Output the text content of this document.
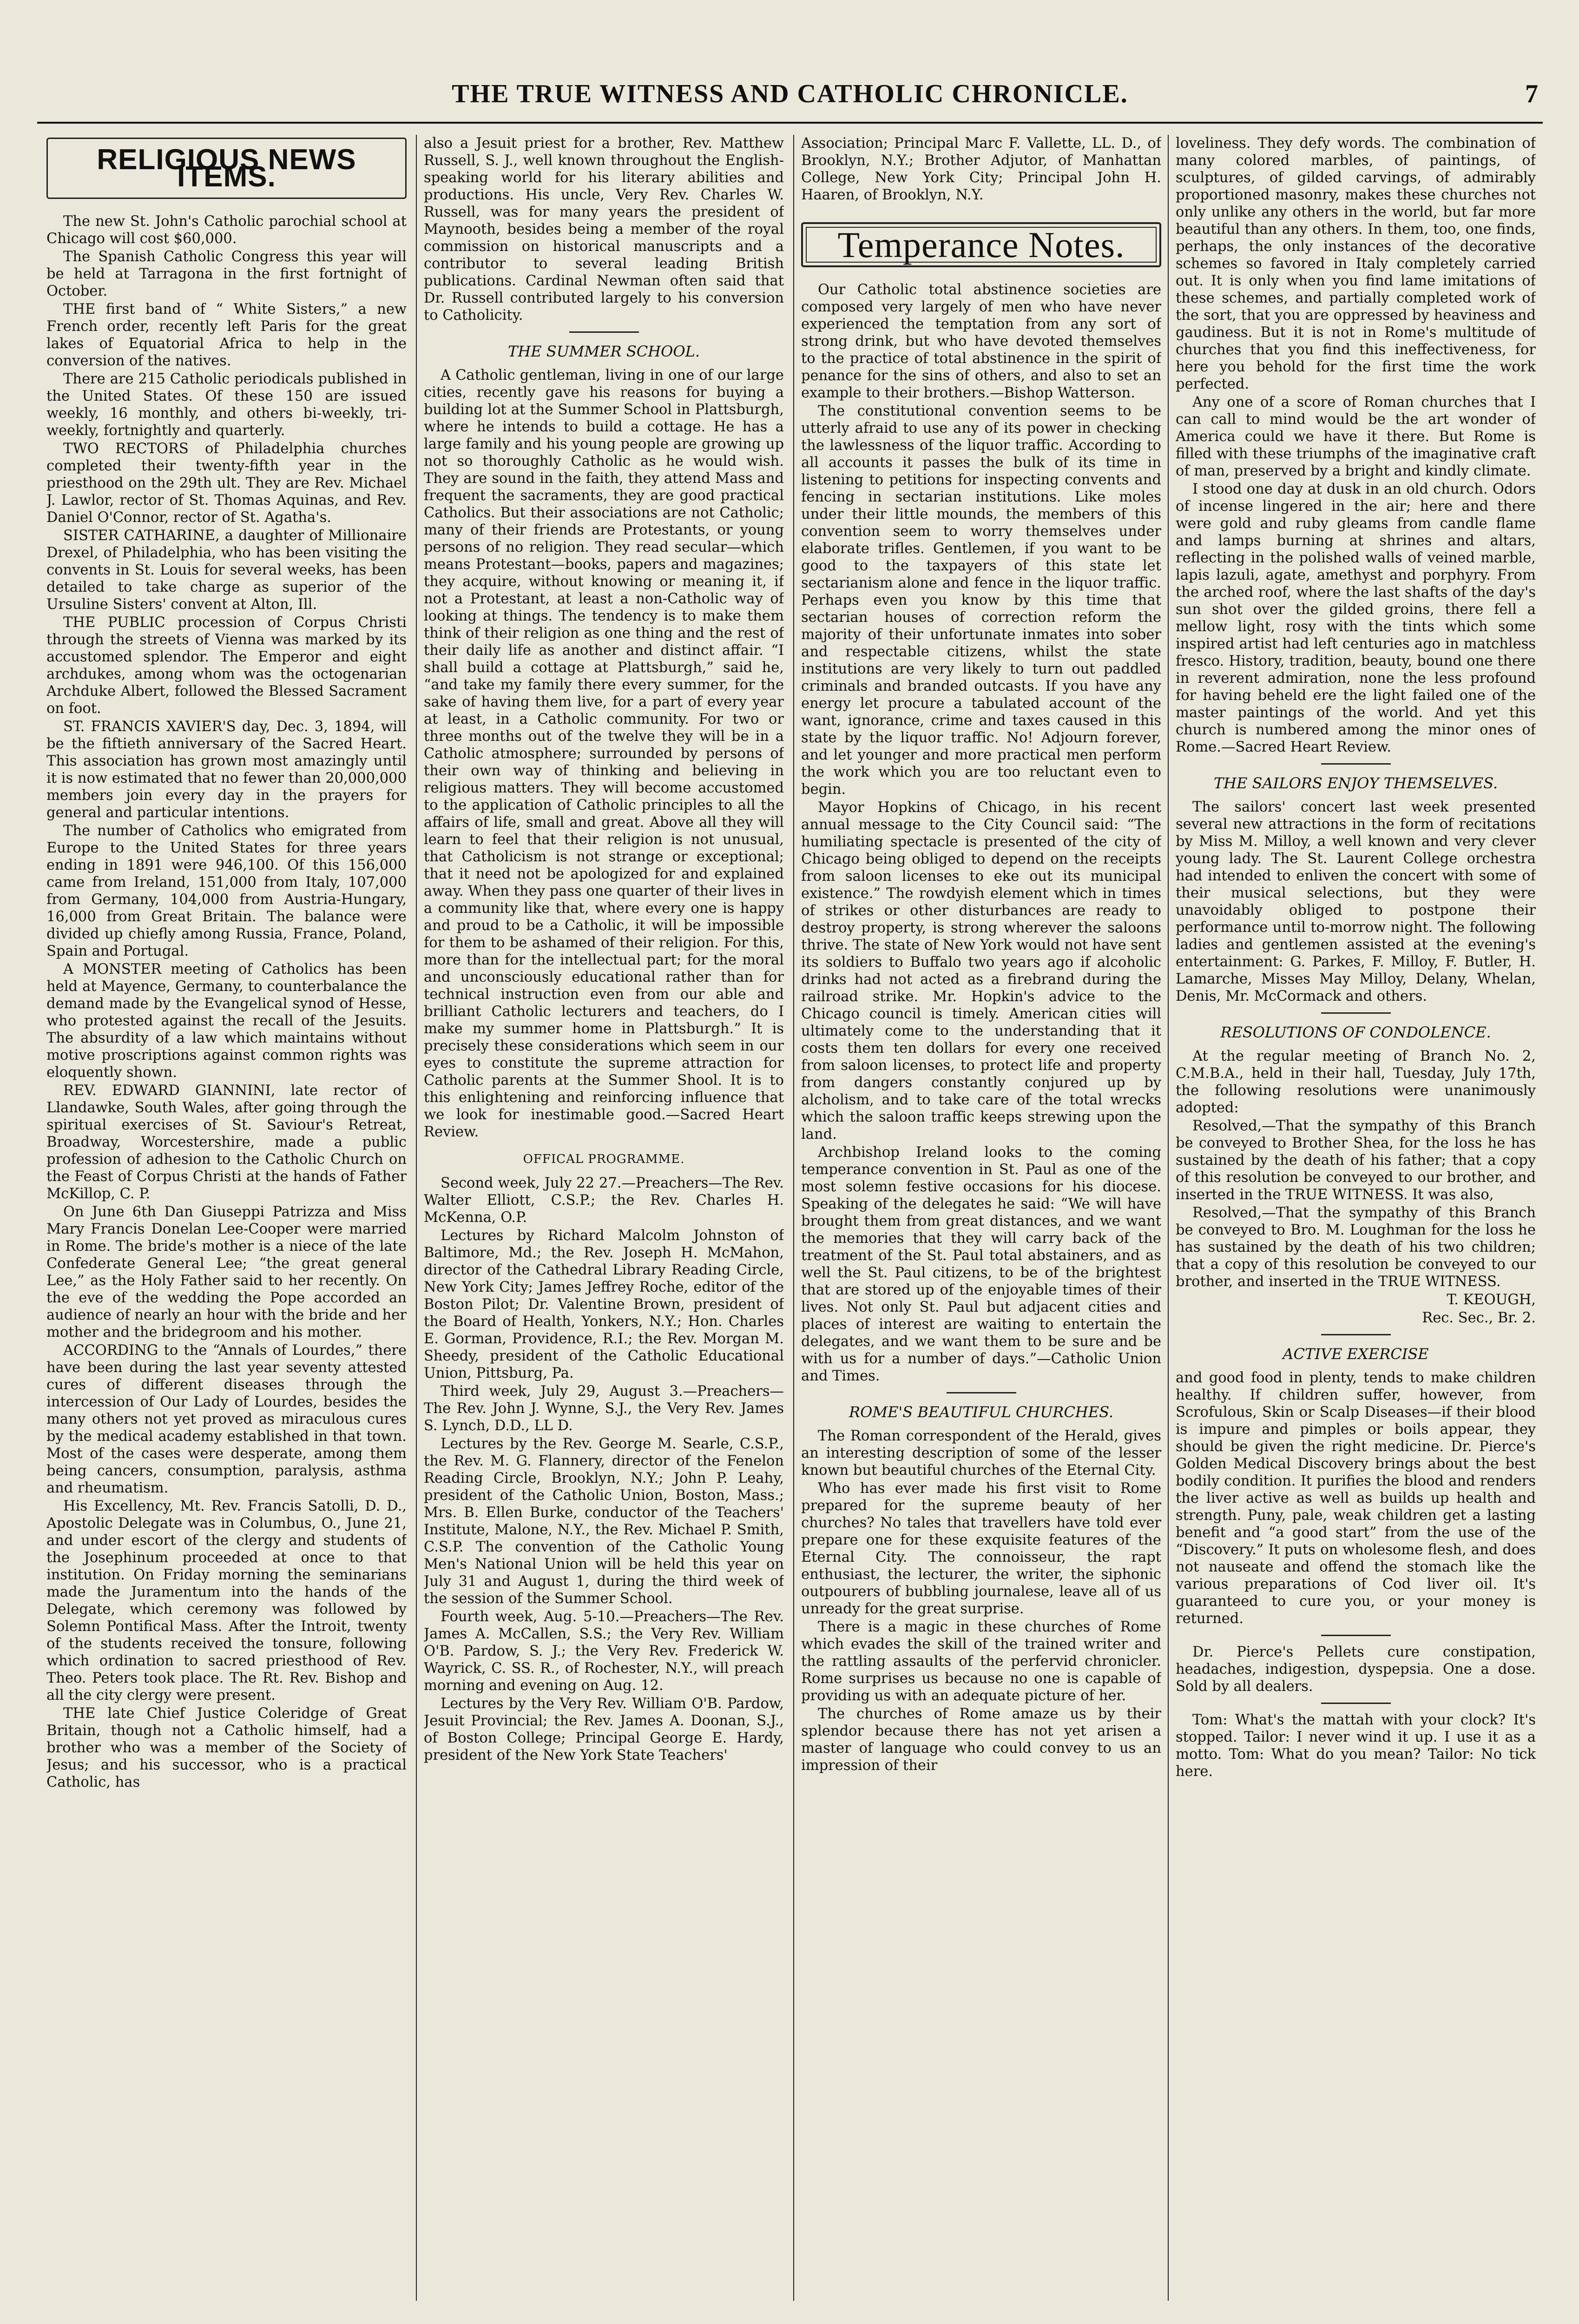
THE TRUE WITNESS AND CATHOLIC CHRONICLE.	7
RELIGIOUS NEWS ITEMS.

The new St. John's Catholic parochial school at Chicago will cost $60,000.

The Spanish Catholic Congress this year will be held at Tarragona in the first fortnight of October.

THE first band of “ White Sisters,” a new French order, recently left Paris for the great lakes of Equatorial Africa to help in the conversion of the natives.

There are 215 Catholic periodicals published in the United States. Of these 150 are issued weekly, 16 monthly, and others bi-weekly, tri-weekly, fortnightly and quarterly.

TWO RECTORS of Philadelphia churches completed their twenty-fifth year in the priesthood on the 29th ult. They are Rev. Michael J. Lawlor, rector of St. Thomas Aquinas, and Rev. Daniel O'Connor, rector of St. Agatha's.

SISTER CATHARINE, a daughter of Millionaire Drexel, of Philadelphia, who has been visiting the convents in St. Louis for several weeks, has been detailed to take charge as superior of the Ursuline Sisters' convent at Alton, Ill.

THE PUBLIC procession of Corpus Christi through the streets of Vienna was marked by its accustomed splendor. The Emperor and eight archdukes, among whom was the octogenarian Archduke Albert, followed the Blessed Sacrament on foot.

ST. FRANCIS XAVIER'S day, Dec. 3, 1894, will be the fiftieth anniversary of the Sacred Heart. This association has grown most amazingly until it is now estimated that no fewer than 20,000,000 members join every day in the prayers for general and particular intentions.

The number of Catholics who emigrated from Europe to the United States for three years ending in 1891 were 946,100. Of this 156,000 came from Ireland, 151,000 from Italy, 107,000 from Germany, 104,000 from Austria-Hungary, 16,000 from Great Britain. The balance were divided up chiefly among Russia, France, Poland, Spain and Portugal.

A MONSTER meeting of Catholics has been held at Mayence, Germany, to counterbalance the demand made by the Evangelical synod of Hesse, who protested against the recall of the Jesuits. The absurdity of a law which maintains without motive proscriptions against common rights was eloquently shown.

REV. EDWARD GIANNINI, late rector of Llandawke, South Wales, after going through the spiritual exercises of St. Saviour's Retreat, Broadway, Worcestershire, made a public profession of adhesion to the Catholic Church on the Feast of Corpus Christi at the hands of Father McKillop, C. P.

On June 6th Dan Giuseppi Patrizza and Miss Mary Francis Donelan Lee-Cooper were married in Rome. The bride's mother is a niece of the late Confederate General Lee; “the great general Lee,” as the Holy Father said to her recently. On the eve of the wedding the Pope accorded an audience of nearly an hour with the bride and her mother and the bridegroom and his mother.

ACCORDING to the “Annals of Lourdes,” there have been during the last year seventy attested cures of different diseases through the intercession of Our Lady of Lourdes, besides the many others not yet proved as miraculous cures by the medical academy established in that town. Most of the cases were desperate, among them being cancers, consumption, paralysis, asthma and rheumatism.

His Excellency, Mt. Rev. Francis Satolli, D. D., Apostolic Delegate was in Columbus, O., June 21, and under escort of the clergy and students of the Josephinum proceeded at once to that institution. On Friday morning the seminarians made the Juramentum into the hands of the Delegate, which ceremony was followed by Solemn Pontifical Mass. After the Introit, twenty of the students received the tonsure, following which ordination to sacred priesthood of Rev. Theo. Peters took place. The Rt. Rev. Bishop and all the city clergy were present.

THE late Chief Justice Coleridge of Great Britain, though not a Catholic himself, had a brother who was a member of the Society of Jesus; and his successor, who is a practical Catholic, has

also a Jesuit priest for a brother, Rev. Matthew Russell, S. J., well known throughout the English-speaking world for his literary abilities and productions. His uncle, Very Rev. Charles W. Russell, was for many years the president of Maynooth, besides being a member of the royal commission on historical manuscripts and a contributor to several leading British publications. Cardinal Newman often said that Dr. Russell contributed largely to his conversion to Catholicity.

THE SUMMER SCHOOL.

A Catholic gentleman, living in one of our large cities, recently gave his reasons for buying a building lot at the Summer School in Plattsburgh, where he intends to build a cottage. He has a large family and his young people are growing up not so thoroughly Catholic as he would wish. They are sound in the faith, they attend Mass and frequent the sacraments, they are good practical Catholics. But their associations are not Catholic; many of their friends are Protestants, or young persons of no religion. They read secular—which means Protestant—books, papers and magazines; they acquire, without knowing or meaning it, if not a Protestant, at least a non-Catholic way of looking at things. The tendency is to make them think of their religion as one thing and the rest of their daily life as another and distinct affair. “I shall build a cottage at Plattsburgh,” said he, “and take my family there every summer, for the sake of having them live, for a part of every year at least, in a Catholic community. For two or three months out of the twelve they will be in a Catholic atmosphere; surrounded by persons of their own way of thinking and believing in religious matters. They will become accustomed to the application of Catholic principles to all the affairs of life, small and great. Above all they will learn to feel that their religion is not unusual, that Catholicism is not strange or exceptional; that it need not be apologized for and explained away. When they pass one quarter of their lives in a community like that, where every one is happy and proud to be a Catholic, it will be impossible for them to be ashamed of their religion. For this, more than for the intellectual part; for the moral and unconsciously educational rather than for technical instruction even from our able and brilliant Catholic lecturers and teachers, do I make my summer home in Plattsburgh.” It is precisely these considerations which seem in our eyes to constitute the supreme attraction for Catholic parents at the Summer Shool. It is to this enlightening and reinforcing influence that we look for inestimable good.—Sacred Heart Review.

OFFICAL PROGRAMME.

Second week, July 22 27.—Preachers—The Rev. Walter Elliott, C.S.P.; the Rev. Charles H. McKenna, O.P.

Lectures by Richard Malcolm Johnston of Baltimore, Md.; the Rev. Joseph H. McMahon, director of the Cathedral Library Reading Circle, New York City; James Jeffrey Roche, editor of the Boston Pilot; Dr. Valentine Brown, president of the Board of Health, Yonkers, N.Y.; Hon. Charles E. Gorman, Providence, R.I.; the Rev. Morgan M. Sheedy, president of the Catholic Educational Union, Pittsburg, Pa.

Third week, July 29, August 3.—Preachers—The Rev. John J. Wynne, S.J., the Very Rev. James S. Lynch, D.D., LL D.

Lectures by the Rev. George M. Searle, C.S.P., the Rev. M. G. Flannery, director of the Fenelon Reading Circle, Brooklyn, N.Y.; John P. Leahy, president of the Catholic Union, Boston, Mass.; Mrs. B. Ellen Burke, conductor of the Teachers' Institute, Malone, N.Y., the Rev. Michael P. Smith, C.S.P. The convention of the Catholic Young Men's National Union will be held this year on July 31 and August 1, during the third week of the session of the Summer School.

Fourth week, Aug. 5-10.—Preachers—The Rev. James A. McCallen, S.S.; the Very Rev. William O'B. Pardow, S. J.; the Very Rev. Frederick W. Wayrick, C. SS. R., of Rochester, N.Y., will preach morning and evening on Aug. 12.

Lectures by the Very Rev. William O'B. Pardow, Jesuit Provincial; the Rev. James A. Doonan, S.J., of Boston College; Principal George E. Hardy, president of the New York State Teachers'

Association; Principal Marc F. Vallette, LL. D., of Brooklyn, N.Y.; Brother Adjutor, of Manhattan College, New York City; Principal John H. Haaren, of Brooklyn, N.Y.

Temperance Notes.

Our Catholic total abstinence societies are composed very largely of men who have never experienced the temptation from any sort of strong drink, but who have devoted themselves to the practice of total abstinence in the spirit of penance for the sins of others, and also to set an example to their brothers.—Bishop Watterson.

The constitutional convention seems to be utterly afraid to use any of its power in checking the lawlessness of the liquor traffic. According to all accounts it passes the bulk of its time in listening to petitions for inspecting convents and fencing in sectarian institutions. Like moles under their little mounds, the members of this convention seem to worry themselves under elaborate trifles. Gentlemen, if you want to be good to the taxpayers of this state let sectarianism alone and fence in the liquor traffic. Perhaps even you know by this time that sectarian houses of correction reform the majority of their unfortunate inmates into sober and respectable citizens, whilst the state institutions are very likely to turn out paddled criminals and branded outcasts. If you have any energy let procure a tabulated account of the want, ignorance, crime and taxes caused in this state by the liquor traffic. No! Adjourn forever, and let younger and more practical men perform the work which you are too reluctant even to begin.

Mayor Hopkins of Chicago, in his recent annual message to the City Council said: “The humiliating spectacle is presented of the city of Chicago being obliged to depend on the receipts from saloon licenses to eke out its municipal existence.” The rowdyish element which in times of strikes or other disturbances are ready to destroy property, is strong wherever the saloons thrive. The state of New York would not have sent its soldiers to Buffalo two years ago if alcoholic drinks had not acted as a firebrand during the railroad strike. Mr. Hopkin's advice to the Chicago council is timely. American cities will ultimately come to the understanding that it costs them ten dollars for every one received from saloon licenses, to protect life and property from dangers constantly conjured up by alcholism, and to take care of the total wrecks which the saloon traffic keeps strewing upon the land.

Archbishop Ireland looks to the coming temperance convention in St. Paul as one of the most solemn festive occasions for his diocese. Speaking of the delegates he said: “We will have brought them from great distances, and we want the memories that they will carry back of the treatment of the St. Paul total abstainers, and as well the St. Paul citizens, to be of the brightest that are stored up of the enjoyable times of their lives. Not only St. Paul but adjacent cities and places of interest are waiting to entertain the delegates, and we want them to be sure and be with us for a number of days.”—Catholic Union and Times.

ROME'S BEAUTIFUL CHURCHES.

The Roman correspondent of the Herald, gives an interesting description of some of the lesser known but beautiful churches of the Eternal City.

Who has ever made his first visit to Rome prepared for the supreme beauty of her churches? No tales that travellers have told ever prepare one for these exquisite features of the Eternal City. The connoisseur, the rapt enthusiast, the lecturer, the writer, the siphonic outpourers of bubbling journalese, leave all of us unready for the great surprise.

There is a magic in these churches of Rome which evades the skill of the trained writer and the rattling assaults of the perfervid chronicler. Rome surprises us because no one is capable of providing us with an adequate picture of her.

The churches of Rome amaze us by their splendor because there has not yet arisen a master of language who could convey to us an impression of their

loveliness. They defy words. The combination of many colored marbles, of paintings, of sculptures, of gilded carvings, of admirably proportioned masonry, makes these churches not only unlike any others in the world, but far more beautiful than any others. In them, too, one finds, perhaps, the only instances of the decorative schemes so favored in Italy completely carried out. It is only when you find lame imitations of these schemes, and partially completed work of the sort, that you are oppressed by heaviness and gaudiness. But it is not in Rome's multitude of churches that you find this ineffectiveness, for here you behold for the first time the work perfected.

Any one of a score of Roman churches that I can call to mind would be the art wonder of America could we have it there. But Rome is filled with these triumphs of the imaginative craft of man, preserved by a bright and kindly climate.

I stood one day at dusk in an old church. Odors of incense lingered in the air; here and there were gold and ruby gleams from candle flame and lamps burning at shrines and altars, reflecting in the polished walls of veined marble, lapis lazuli, agate, amethyst and porphyry. From the arched roof, where the last shafts of the day's sun shot over the gilded groins, there fell a mellow light, rosy with the tints which some inspired artist had left centuries ago in matchless fresco. History, tradition, beauty, bound one there in reverent admiration, none the less profound for having beheld ere the light failed one of the master paintings of the world. And yet this church is numbered among the minor ones of Rome.—Sacred Heart Review.

THE SAILORS ENJOY THEMSELVES.

The sailors' concert last week presented several new attractions in the form of recitations by Miss M. Milloy, a well known and very clever young lady. The St. Laurent College orchestra had intended to enliven the concert with some of their musical selections, but they were unavoidably obliged to postpone their performance until to-morrow night. The following ladies and gentlemen assisted at the evening's entertainment: G. Parkes, F. Milloy, F. Butler, H. Lamarche, Misses May Milloy, Delany, Whelan, Denis, Mr. McCormack and others.

RESOLUTIONS OF CONDOLENCE.

At the regular meeting of Branch No. 2, C.M.B.A., held in their hall, Tuesday, July 17th, the following resolutions were unanimously adopted:

Resolved,—That the sympathy of this Branch be conveyed to Brother Shea, for the loss he has sustained by the death of his father; that a copy of this resolution be conveyed to our brother, and inserted in the TRUE WITNESS. It was also,

Resolved,—That the sympathy of this Branch be conveyed to Bro. M. Loughman for the loss he has sustained by the death of his two children; that a copy of this resolution be conveyed to our brother, and inserted in the TRUE WITNESS.

T. KEOUGH,

Rec. Sec., Br. 2.

ACTIVE EXERCISE

and good food in plenty, tends to make children healthy. If children suffer, however, from Scrofulous, Skin or Scalp Diseases—if their blood is impure and pimples or boils appear, they should be given the right medicine. Dr. Pierce's Golden Medical Discovery brings about the best bodily condition. It purifies the blood and renders the liver active as well as builds up health and strength. Puny, pale, weak children get a lasting benefit and “a good start” from the use of the “Discovery.” It puts on wholesome flesh, and does not nauseate and offend the stomach like the various preparations of Cod liver oil. It's guaranteed to cure you, or your money is returned.

Dr. Pierce's Pellets cure constipation, headaches, indigestion, dyspepsia. One a dose. Sold by all dealers.

Tom: What's the mattah with your clock? It's stopped. Tailor: I never wind it up. I use it as a motto. Tom: What do you mean? Tailor: No tick here.
